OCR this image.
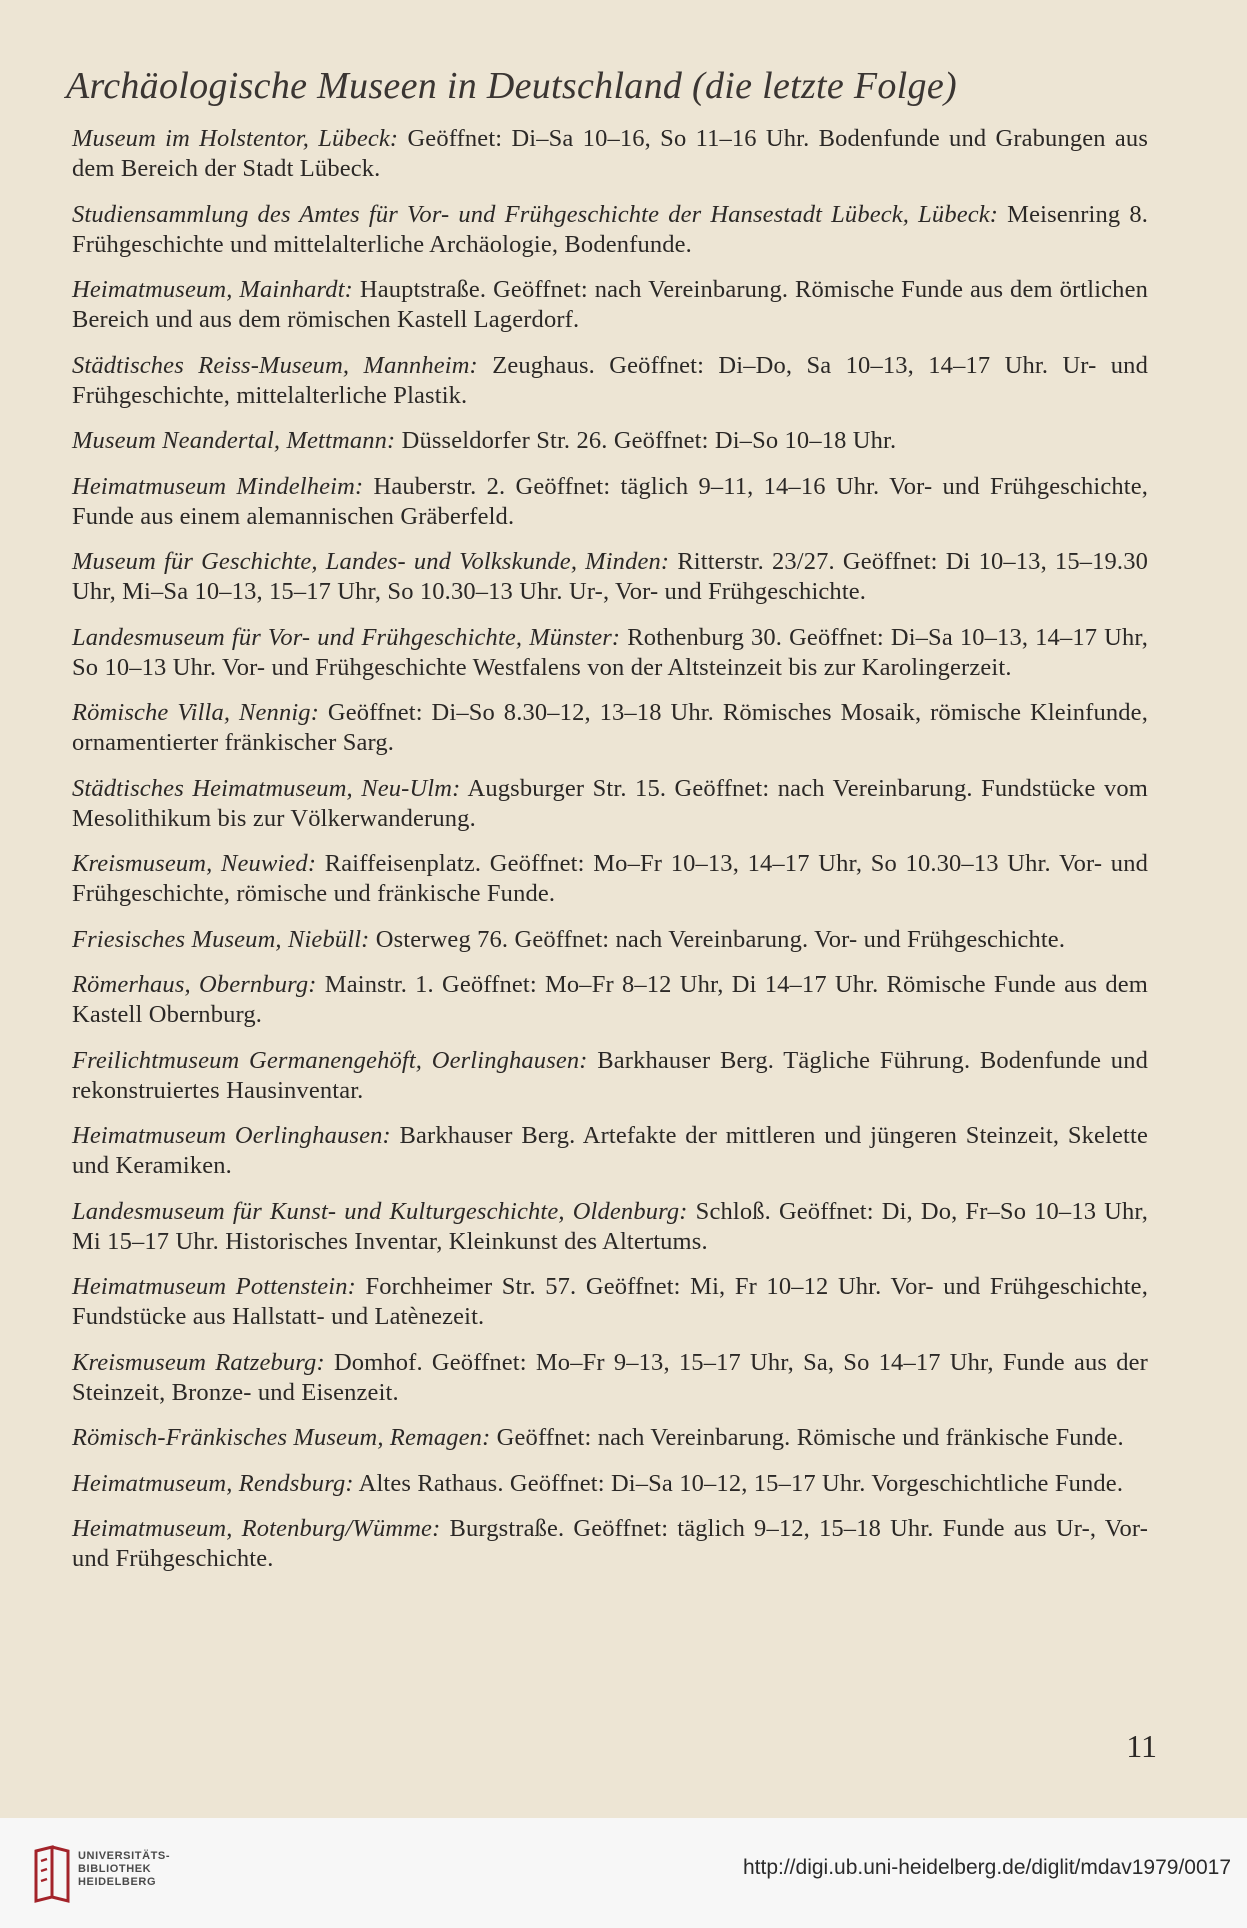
Archäologische Museen in Deutschland (die letzte Folge)
Museum im Holstentor, Lübeck: Geöffnet: Di–Sa 10–16, So 11–16 Uhr. Bodenfunde und Grabungen aus dem Bereich der Stadt Lübeck.
Studiensammlung des Amtes für Vor- und Frühgeschichte der Hansestadt Lübeck, Lübeck: Meisenring 8. Frühgeschichte und mittelalterliche Archäologie, Bodenfunde.
Heimatmuseum, Mainhardt: Hauptstraße. Geöffnet: nach Vereinbarung. Römische Funde aus dem örtlichen Bereich und aus dem römischen Kastell Lagerdorf.
Städtisches Reiss-Museum, Mannheim: Zeughaus. Geöffnet: Di–Do, Sa 10–13, 14–17 Uhr. Ur- und Frühgeschichte, mittelalterliche Plastik.
Museum Neandertal, Mettmann: Düsseldorfer Str. 26. Geöffnet: Di–So 10–18 Uhr.
Heimatmuseum Mindelheim: Hauberstr. 2. Geöffnet: täglich 9–11, 14–16 Uhr. Vor- und Frühgeschichte, Funde aus einem alemannischen Gräberfeld.
Museum für Geschichte, Landes- und Volkskunde, Minden: Ritterstr. 23/27. Geöffnet: Di 10–13, 15–19.30 Uhr, Mi–Sa 10–13, 15–17 Uhr, So 10.30–13 Uhr. Ur-, Vor- und Frühgeschichte.
Landesmuseum für Vor- und Frühgeschichte, Münster: Rothenburg 30. Geöffnet: Di–Sa 10–13, 14–17 Uhr, So 10–13 Uhr. Vor- und Frühgeschichte Westfalens von der Altsteinzeit bis zur Karolingerzeit.
Römische Villa, Nennig: Geöffnet: Di–So 8.30–12, 13–18 Uhr. Römisches Mosaik, römische Kleinfunde, ornamentierter fränkischer Sarg.
Städtisches Heimatmuseum, Neu-Ulm: Augsburger Str. 15. Geöffnet: nach Vereinbarung. Fundstücke vom Mesolithikum bis zur Völkerwanderung.
Kreismuseum, Neuwied: Raiffeisenplatz. Geöffnet: Mo–Fr 10–13, 14–17 Uhr, So 10.30–13 Uhr. Vor- und Frühgeschichte, römische und fränkische Funde.
Friesisches Museum, Niebüll: Osterweg 76. Geöffnet: nach Vereinbarung. Vor- und Frühgeschichte.
Römerhaus, Obernburg: Mainstr. 1. Geöffnet: Mo–Fr 8–12 Uhr, Di 14–17 Uhr. Römische Funde aus dem Kastell Obernburg.
Freilichtmuseum Germanengehöft, Oerlinghausen: Barkhauser Berg. Tägliche Führung. Bodenfunde und rekonstruiertes Hausinventar.
Heimatmuseum Oerlinghausen: Barkhauser Berg. Artefakte der mittleren und jüngeren Steinzeit, Skelette und Keramiken.
Landesmuseum für Kunst- und Kulturgeschichte, Oldenburg: Schloß. Geöffnet: Di, Do, Fr–So 10–13 Uhr, Mi 15–17 Uhr. Historisches Inventar, Kleinkunst des Altertums.
Heimatmuseum Pottenstein: Forchheimer Str. 57. Geöffnet: Mi, Fr 10–12 Uhr. Vor- und Frühgeschichte, Fundstücke aus Hallstatt- und Latènezeit.
Kreismuseum Ratzeburg: Domhof. Geöffnet: Mo–Fr 9–13, 15–17 Uhr, Sa, So 14–17 Uhr, Funde aus der Steinzeit, Bronze- und Eisenzeit.
Römisch-Fränkisches Museum, Remagen: Geöffnet: nach Vereinbarung. Römische und fränkische Funde.
Heimatmuseum, Rendsburg: Altes Rathaus. Geöffnet: Di–Sa 10–12, 15–17 Uhr. Vorgeschichtliche Funde.
Heimatmuseum, Rotenburg/Wümme: Burgstraße. Geöffnet: täglich 9–12, 15–18 Uhr. Funde aus Ur-, Vor- und Frühgeschichte.
11
UNIVERSITÄTS-
BIBLIOTHEK
HEIDELBERG
http://digi.ub.uni-heidelberg.de/diglit/mdav1979/0017
